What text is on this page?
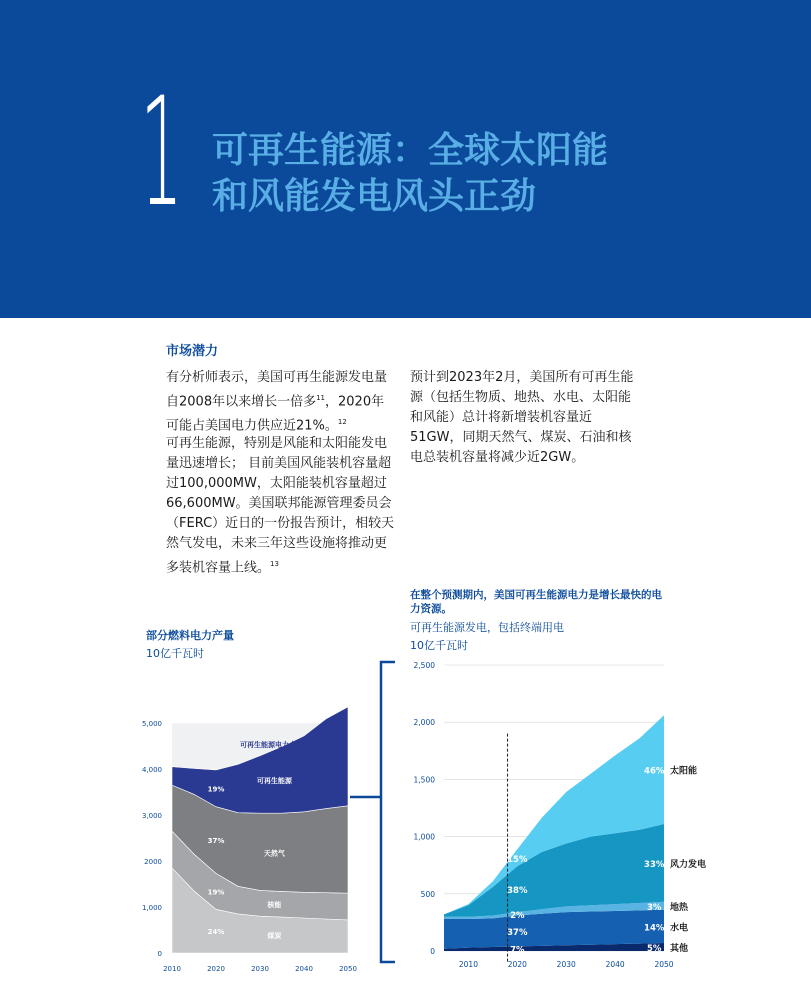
1 可再生能源：全球太阳能
和风能发电风头正劲
市场潜力
有分析师表示，美国可再生能源发电量自2008年以来增长一倍多$^{11}$，2020年可能占美国电力供应近21%。$^{12}$
可再生能源，特别是风能和太阳能发电量迅速增长； 目前美国风能装机容量超过100,000MW，太阳能装机容量超过66,600MW。美国联邦能源管理委员会（FERC）近日的一份报告预计，相较天然气发电，未来三年这些设施将推动更多装机容量上线。$^{13}$
预计到2023年2月，美国所有可再生能源（包括生物质、地热、水电、太阳能和风能）总计将新增装机容量近51GW，同期天然气、煤炭、石油和核电总装机容量将减少近2GW。
部分燃料电力产量
10亿千瓦时
在整个预测期内，美国可再生能源电力是增长最快的电力资源。
可再生能源发电，包括终端用电
10亿千瓦时
0
1,000
2000
3,000
4,000
5,000
2010	2020	2030	2040	2050
24%	煤炭
19%
核能
37%
天然气
19%
可再生能源
可再生能源电力占比翻倍
0
500
1,000
1,500
2,000
2,500
2010	2020	2030	2040	2050
7%	5% 其他
37%	14% 水电
2%
3% 地热
38%
33% 风力发电
15%
46% 太阳能
